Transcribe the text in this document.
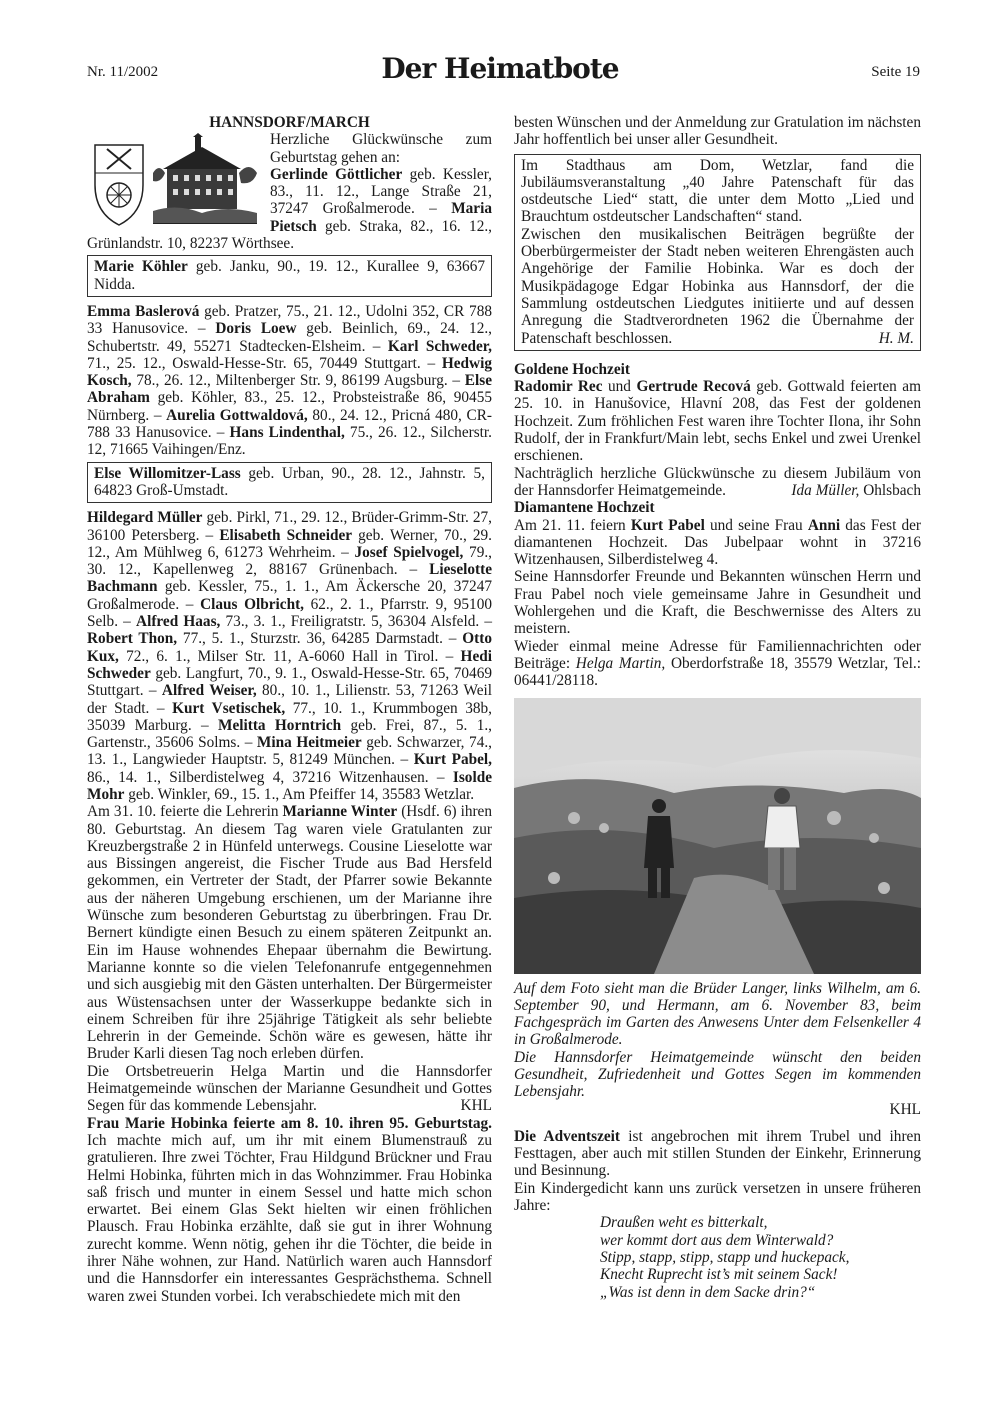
Nr. 11/2002	Der Heimatbote	Seite 19

HANNSDORF/MARCH

Herzliche Glückwünsche zum Geburtstag gehen an:

Gerlinde Göttlicher geb. Kessler, 83., 11. 12., Lange Straße 21, 37247 Großalmerode. – Maria Pietsch geb. Straka, 82., 16. 12., Grünlandstr. 10, 82237 Wörthsee.

Marie Köhler geb. Janku, 90., 19. 12., Kurallee 9, 63667 Nidda.

Emma Baslerová geb. Pratzer, 75., 21. 12., Udolni 352, CR 788 33 Hanusovice. – Doris Loew geb. Beinlich, 69., 24. 12., Schubertstr. 49, 55271 Stadtecken-Elsheim. – Karl Schweder, 71., 25. 12., Oswald-Hesse-Str. 65, 70449 Stuttgart. – Hedwig Kosch, 78., 26. 12., Miltenberger Str. 9, 86199 Augsburg. – Else Abraham geb. Köhler, 83., 25. 12., Probsteistraße 86, 90455 Nürnberg. – Aurelia Gottwaldová, 80., 24. 12., Pricná 480, CR-788 33 Hanusovice. – Hans Lindenthal, 75., 26. 12., Silcherstr. 12, 71665 Vaihingen/Enz.

Else Willomitzer-Lass geb. Urban, 90., 28. 12., Jahnstr. 5, 64823 Groß-Umstadt.

Hildegard Müller geb. Pirkl, 71., 29. 12., Brüder-Grimm-Str. 27, 36100 Petersberg. – Elisabeth Schneider geb. Werner, 70., 29. 12., Am Mühlweg 6, 61273 Wehrheim. – Josef Spielvogel, 79., 30. 12., Kapellenweg 2, 88167 Grünenbach. – Lieselotte Bachmann geb. Kessler, 75., 1. 1., Am Äckersche 20, 37247 Großalmerode. – Claus Olbricht, 62., 2. 1., Pfarrstr. 9, 95100 Selb. – Alfred Haas, 73., 3. 1., Freiligratstr. 5, 36304 Alsfeld. – Robert Thon, 77., 5. 1., Sturzstr. 36, 64285 Darmstadt. – Otto Kux, 72., 6. 1., Milser Str. 11, A-6060 Hall in Tirol. – Hedi Schweder geb. Langfurt, 70., 9. 1., Oswald-Hesse-Str. 65, 70469 Stuttgart. – Alfred Weiser, 80., 10. 1., Lilienstr. 53, 71263 Weil der Stadt. – Kurt Vsetischek, 77., 10. 1., Krummbogen 38b, 35039 Marburg. – Melitta Horntrich geb. Frei, 87., 5. 1., Gartenstr., 35606 Solms. – Mina Heitmeier geb. Schwarzer, 74., 13. 1., Langwieder Hauptstr. 5, 81249 München. – Kurt Pabel, 86., 14. 1., Silberdistelweg 4, 37216 Witzenhausen. – Isolde Mohr geb. Winkler, 69., 15. 1., Am Pfeiffer 14, 35583 Wetzlar.

Am 31. 10. feierte die Lehrerin Marianne Winter (Hsdf. 6) ihren 80. Geburtstag. An diesem Tag waren viele Gratulanten zur Kreuzbergstraße 2 in Hünfeld unterwegs. Cousine Lieselotte war aus Bissingen angereist, die Fischer Trude aus Bad Hersfeld gekommen, ein Vertreter der Stadt, der Pfarrer sowie Bekannte aus der näheren Umgebung erschienen, um der Marianne ihre Wünsche zum besonderen Geburtstag zu überbringen. Frau Dr. Bernert kündigte einen Besuch zu einem späteren Zeitpunkt an. Ein im Hause wohnendes Ehepaar übernahm die Bewirtung. Marianne konnte so die vielen Telefonanrufe entgegennehmen und sich ausgiebig mit den Gästen unterhalten. Der Bürgermeister aus Wüstensachsen unter der Wasserkuppe bedankte sich in einem Schreiben für ihre 25jährige Tätigkeit als sehr beliebte Lehrerin in der Gemeinde. Schön wäre es gewesen, hätte ihr Bruder Karli diesen Tag noch erleben dürfen.

Die Ortsbetreuerin Helga Martin und die Hannsdorfer Heimatgemeinde wünschen der Marianne Gesundheit und Gottes Segen für das kommende Lebensjahr.	KHL

Frau Marie Hobinka feierte am 8. 10. ihren 95. Geburtstag. Ich machte mich auf, um ihr mit einem Blumenstrauß zu gratulieren. Ihre zwei Töchter, Frau Hildgund Brückner und Frau Helmi Hobinka, führten mich in das Wohnzimmer. Frau Hobinka saß frisch und munter in einem Sessel und hatte mich schon erwartet. Bei einem Glas Sekt hielten wir einen fröhlichen Plausch. Frau Hobinka erzählte, daß sie gut in ihrer Wohnung zurecht komme. Wenn nötig, gehen ihr die Töchter, die beide in ihrer Nähe wohnen, zur Hand. Natürlich waren auch Hannsdorf und die Hannsdorfer ein interessantes Gesprächsthema. Schnell waren zwei Stunden vorbei. Ich verabschiedete mich mit den

besten Wünschen und der Anmeldung zur Gratulation im nächsten Jahr hoffentlich bei unser aller Gesundheit.

Im Stadthaus am Dom, Wetzlar, fand die Jubiläumsveranstaltung „40 Jahre Patenschaft für das ostdeutsche Lied“ statt, die unter dem Motto „Lied und Brauchtum ostdeutscher Landschaften“ stand.

Zwischen den musikalischen Beiträgen begrüßte der Oberbürgermeister der Stadt neben weiteren Ehrengästen auch Angehörige der Familie Hobinka. War es doch der Musikpädagoge Edgar Hobinka aus Hannsdorf, der die Sammlung ostdeutschen Liedgutes initiierte und auf dessen Anregung die Stadtverordneten 1962 die Übernahme der Patenschaft beschlossen.	H. M.

Goldene Hochzeit

Radomir Rec und Gertrude Recová geb. Gottwald feierten am 25. 10. in Hanušovice, Hlavní 208, das Fest der goldenen Hochzeit. Zum fröhlichen Fest waren ihre Tochter Ilona, ihr Sohn Rudolf, der in Frankfurt/Main lebt, sechs Enkel und zwei Urenkel erschienen.

Nachträglich herzliche Glückwünsche zu diesem Jubiläum von der Hannsdorfer Heimatgemeinde.	Ida Müller, Ohlsbach

Diamantene Hochzeit

Am 21. 11. feiern Kurt Pabel und seine Frau Anni das Fest der diamantenen Hochzeit. Das Jubelpaar wohnt in 37216 Witzenhausen, Silberdistelweg 4.

Seine Hannsdorfer Freunde und Bekannten wünschen Herrn und Frau Pabel noch viele gemeinsame Jahre in Gesundheit und Wohlergehen und die Kraft, die Beschwernisse des Alters zu meistern.

Wieder einmal meine Adresse für Familiennachrichten oder Beiträge: Helga Martin, Oberdorfstraße 18, 35579 Wetzlar, Tel.: 06441/28118.

Auf dem Foto sieht man die Brüder Langer, links Wilhelm, am 6. September 90, und Hermann, am 6. November 83, beim Fachgespräch im Garten des Anwesens Unter dem Felsenkeller 4 in Großalmerode.

Die Hannsdorfer Heimatgemeinde wünscht den beiden Gesundheit, Zufriedenheit und Gottes Segen im kommenden Lebensjahr.

KHL

Die Adventszeit ist angebrochen mit ihrem Trubel und ihren Festtagen, aber auch mit stillen Stunden der Einkehr, Erinnerung und Besinnung.

Ein Kindergedicht kann uns zurück versetzen in unsere früheren Jahre:

Draußen weht es bitterkalt,
wer kommt dort aus dem Winterwald?
Stipp, stapp, stipp, stapp und huckepack,
Knecht Ruprecht ist’s mit seinem Sack!
„Was ist denn in dem Sacke drin?“
